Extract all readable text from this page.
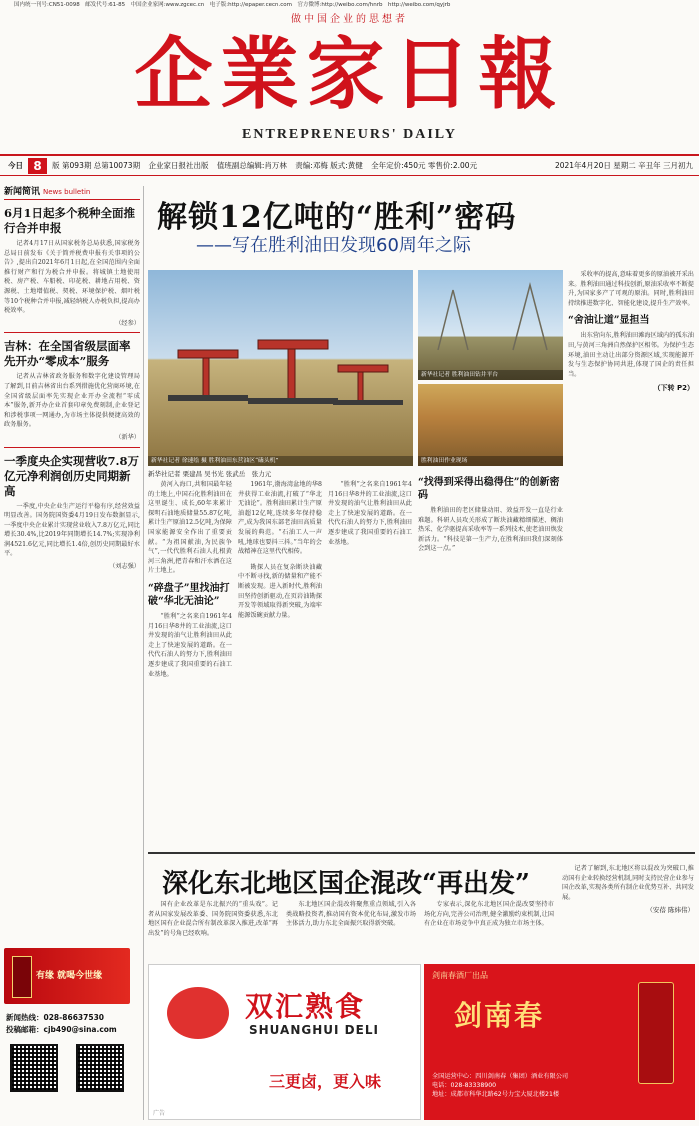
国内统一刊号:CN51-0098　邮发代号:61-85　中国企业家网:www.zgcec.cn　电子版:http://epaper.cecn.com　官方微博:http://weibo.com/hnrb　http://weibo.com/qyjrb
做中国企业的思想者
企業家日報
ENTREPRENEURS' DAILY
今日 8 版 第093期 总第10073期 企业家日报社出版 值班副总编辑:肖万林 责编:邓梅 版式:黄健 全年定价:450元 零售价:2.00元	2021年4月20日 星期二 辛丑年 三月初九
新闻简讯 News bulletin
6月1日起多个税种全面推行合并申报
记者4月17日从国家税务总局获悉,国家税务总局日前发布《关于简并税费申报有关事项的公告》,提出自2021年6月1日起,在全国范围内全面推行财产和行为税合并申报。将城镇土地使用税、房产税、车船税、印花税、耕地占用税、资源税、土地增值税、契税、环境保护税、烟叶税等10个税种合并申报,减轻纳税人办税负担,提高办税效率。
（经参）
吉林：在全国省级层面率先开办“零成本”服务
记者从吉林省政务服务和数字化建设管理局了解到,目前吉林省出台系列措施优化营商环境,在全国省级层面率先实现企业开办全流程“零成本”服务,新开办企业首套印章免费刻制,企业登记和涉税事项一网通办,为市场主体提供便捷高效的政务服务。
（新华）
一季度央企实现营收7.8万亿元净利润创历史同期新高
一季度,中央企业生产运行平稳有序,经营效益明显改善。国务院国资委4月19日发布数据显示,一季度中央企业累计实现营业收入7.8万亿元,同比增长30.4%,比2019年同期增长14.7%;实现净利润4521.6亿元,同比增长1.4倍,创历史同期最好水平。
（刘志强）
有缘 就喝今世缘
新闻热线：028-86637530
投稿邮箱：cjb490@sina.com
解锁12亿吨的“胜利”密码
——写在胜利油田发现60周年之际
新华社记者 徐速绘 摄 胜利油田东营油区“磕头机”
新华社记者 胜利油田钻井平台
胜利油田作业现场
新华社记者 栗建昌 吴书光 张武岳　张力元
黄河入海口,共和国最年轻的土地上,中国石化胜利油田在这里诞生、成长,60年来累计探明石油地质储量55.87亿吨,累计生产原油12.5亿吨,为保障国家能源安全作出了重要贡献。“为祖国献油,为民族争气”,一代代胜利石油人扎根黄河三角洲,把青春和汗水洒在这片土地上。
“碎盘子”里找油打破“华北无油论”
“胜利”之名来自1961年4月16日华8井的工业油流,这口井发现的油气让胜利油田从此走上了快速发展的道路。在一代代石油人的努力下,胜利油田逐步建成了我国重要的石油工业基地。
1961年,渤海湾盆地的华8井获得工业油流,打破了“华北无油论”。胜利油田累计生产原油超12亿吨,连续多年保持稳产,成为我国东部老油田高质量发展的典范。“石油工人一声吼,地球也要抖三抖。”当年的会战精神在这里代代相传。
勘探人员在复杂断块油藏中不断寻找,新的储量和产能不断被发现。进入新时代,胜利油田坚持创新驱动,在页岩油勘探开发等领域取得新突破,为端牢能源饭碗贡献力量。
“胜利”之名来自1961年4月16日华8井的工业油流,这口井发现的油气让胜利油田从此走上了快速发展的道路。在一代代石油人的努力下,胜利油田逐步建成了我国重要的石油工业基地。
“找得到采得出稳得住”的创新密码
胜利油田的老区储量动用、效益开发一直是行业难题。科研人员攻关形成了断块油藏精细描述、稠油热采、化学驱提高采收率等一系列技术,使老油田焕发新活力。“科技是第一生产力,在胜利油田我们深刻体会到这一点。”
采收率的提高,意味着更多的原油被开采出来。胜利油田通过科技创新,原油采收率不断提升,为国家多产了可观的原油。同时,胜利油田持续推进数字化、智能化建设,提升生产效率。
“舍油让道”显担当
出东营向东,胜利油田滩海区域内的孤东油田,与黄河三角洲自然保护区相邻。为保护生态环境,油田主动让出部分资源区域,实现能源开发与生态保护协同共进,体现了国企的责任担当。
（下转 P2）
深化东北地区国企混改“再出发”
国有企业改革是东北振兴的“重头戏”。记者从国家发展改革委、国务院国资委获悉,东北地区国有企业混合所有制改革深入推进,改革“再出发”的号角已经吹响。
东北地区国企混改将聚焦重点领域,引入各类战略投资者,推动国有资本优化布局,激发市场主体活力,助力东北全面振兴取得新突破。
专家表示,深化东北地区国企混改要坚持市场化方向,完善公司治理,健全激励约束机制,让国有企业在市场竞争中真正成为独立市场主体。
记者了解到,东北地区将以混改为突破口,推动国有企业转换经营机制,同时支持民营企业参与国企改革,实现各类所有制企业优势互补、共同发展。
（安蓓 陈炜伟）
双汇熟食
SHUANGHUI DELI
三更卤，更入味
广告
剑南春酒厂出品
剑南春
全国运营中心：四川剑南春（集团）酒业有限公司
电话：028-83338900
地址：成都市科华北路62号力宝大厦北楼21楼
